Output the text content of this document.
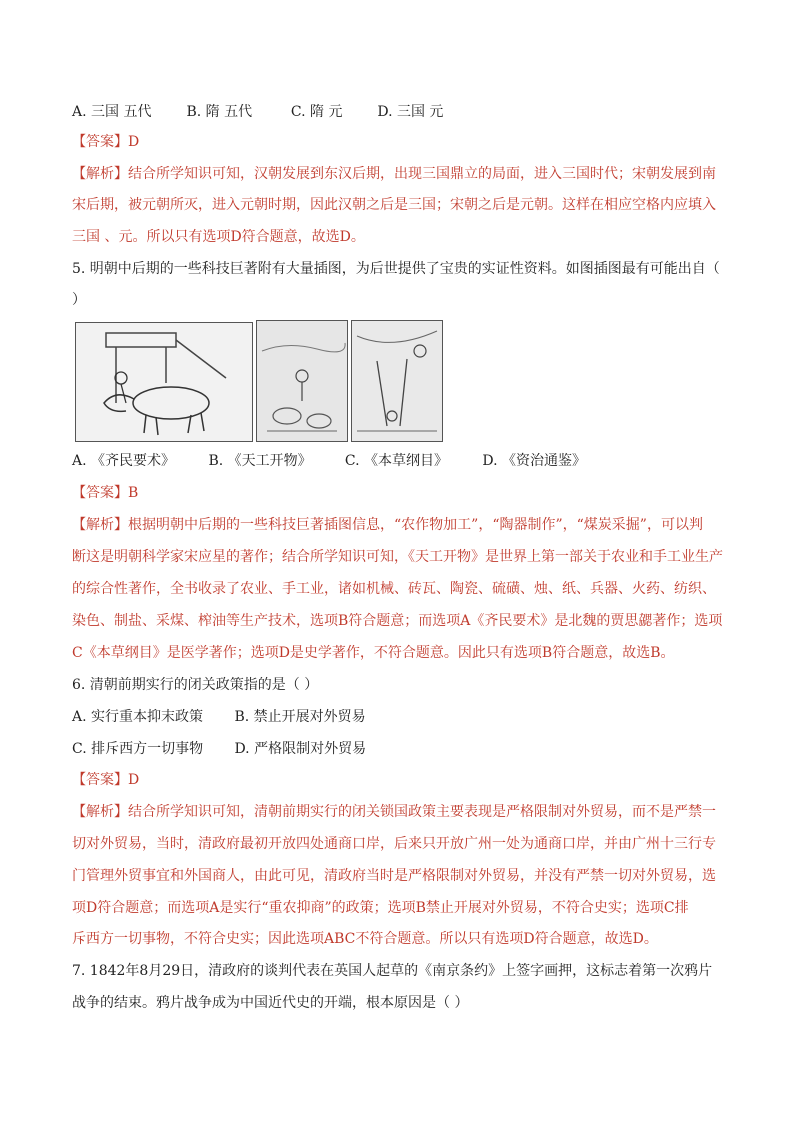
A. 三国 五代 B. 隋 五代	C. 隋 元 D. 三国 元
【答案】D
【解析】结合所学知识可知，汉朝发展到东汉后期，出现三国鼎立的局面，进入三国时代；宋朝发展到南
宋后期，被元朝所灭，进入元朝时期，因此汉朝之后是三国；宋朝之后是元朝。这样在相应空格内应填入
三国 、元。所以只有选项D符合题意，故选D。
5. 明朝中后期的一些科技巨著附有大量插图，为后世提供了宝贵的实证性资料。如图插图最有可能出自（
）
A. 《齐民要术》 B. 《天工开物》 C. 《本草纲目》 D. 《资治通鉴》
【答案】B
【解析】根据明朝中后期的一些科技巨著插图信息，“农作物加工”，“陶器制作”，“煤炭采掘”，可以判
断这是明朝科学家宋应星的著作；结合所学知识可知，《天工开物》是世界上第一部关于农业和手工业生产
的综合性著作，全书收录了农业、手工业，诸如机械、砖瓦、陶瓷、硫磺、烛、纸、兵器、火药、纺织、
染色、制盐、采煤、榨油等生产技术，选项B符合题意；而选项A《齐民要术》是北魏的贾思勰著作；选项
C《本草纲目》是医学著作；选项D是史学著作，不符合题意。因此只有选项B符合题意，故选B。
6. 清朝前期实行的闭关政策指的是（ ）
A. 实行重本抑末政策 B. 禁止开展对外贸易
C. 排斥西方一切事物 D. 严格限制对外贸易
【答案】D
【解析】结合所学知识可知，清朝前期实行的闭关锁国政策主要表现是严格限制对外贸易，而不是严禁一
切对外贸易，当时，清政府最初开放四处通商口岸，后来只开放广州一处为通商口岸，并由广州十三行专
门管理外贸事宜和外国商人，由此可见，清政府当时是严格限制对外贸易，并没有严禁一切对外贸易，选
项D符合题意；而选项A是实行“重农抑商”的政策；选项B禁止开展对外贸易，不符合史实；选项C排
斥西方一切事物，不符合史实；因此选项ABC不符合题意。所以只有选项D符合题意，故选D。
7. 1842年8月29日，清政府的谈判代表在英国人起草的《南京条约》上签字画押，这标志着第一次鸦片
战争的结束。鸦片战争成为中国近代史的开端，根本原因是（ ）
